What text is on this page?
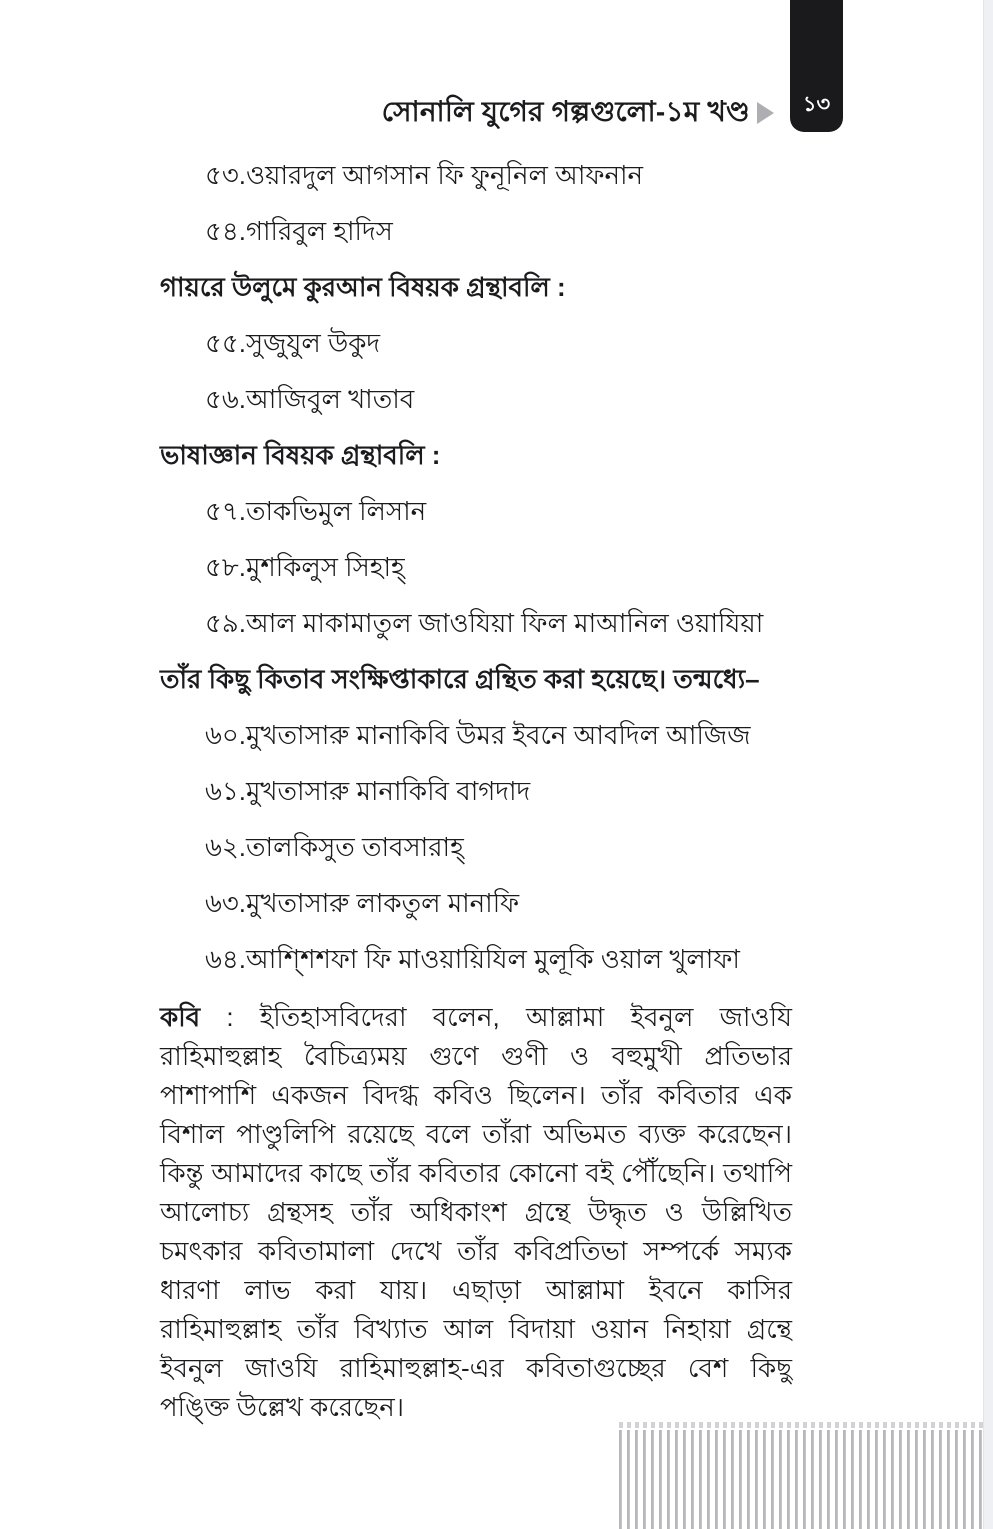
সোনালি যুগের গল্পগুলো-১ম খণ্ড	১৩
৫৩.ওয়ারদুল আগসান ফি ফুনূনিল আফনান
৫৪.গারিবুল হাদিস
গায়রে উলুমে কুরআন বিষয়ক গ্রন্থাবলি :
৫৫.সুজুযুল উকুদ
৫৬.আজিবুল খাতাব
ভাষাজ্ঞান বিষয়ক গ্রন্থাবলি :
৫৭.তাকভিমুল লিসান
৫৮.মুশকিলুস সিহাহ্
৫৯.আল মাকামাতুল জাওযিয়া ফিল মাআনিল ওয়াযিয়া
তাঁর কিছু কিতাব সংক্ষিপ্তাকারে গ্রন্থিত করা হয়েছে। তন্মধ্যে–
৬০.মুখতাসারু মানাকিবি উমর ইবনে আবদিল আজিজ
৬১.মুখতাসারু মানাকিবি বাগদাদ
৬২.তালকিসুত তাবসারাহ্
৬৩.মুখতাসারু লাকতুল মানাফি
৬৪.আশ্শিশফা ফি মাওয়ায়িযিল মুলূকি ওয়াল খুলাফা

কবি : ইতিহাসবিদেরা বলেন, আল্লামা ইবনুল জাওযি রাহিমাহুল্লাহ বৈচিত্র্যময় গুণে গুণী ও বহুমুখী প্রতিভার পাশাপাশি একজন বিদগ্ধ কবিও ছিলেন। তাঁর কবিতার এক বিশাল পাণ্ডুলিপি রয়েছে বলে তাঁরা অভিমত ব্যক্ত করেছেন। কিন্তু আমাদের কাছে তাঁর কবিতার কোনো বই পৌঁছেনি। তথাপি আলোচ্য গ্রন্থসহ তাঁর অধিকাংশ গ্রন্থে উদ্ধৃত ও উল্লিখিত চমৎকার কবিতামালা দেখে তাঁর কবিপ্রতিভা সম্পর্কে সম্যক ধারণা লাভ করা যায়। এছাড়া আল্লামা ইবনে কাসির রাহিমাহুল্লাহ তাঁর বিখ্যাত আল বিদায়া ওয়ান নিহায়া গ্রন্থে ইবনুল জাওযি রাহিমাহুল্লাহ-এর কবিতাগুচ্ছের বেশ কিছু পঙ্ক্তি উল্লেখ করেছেন।
